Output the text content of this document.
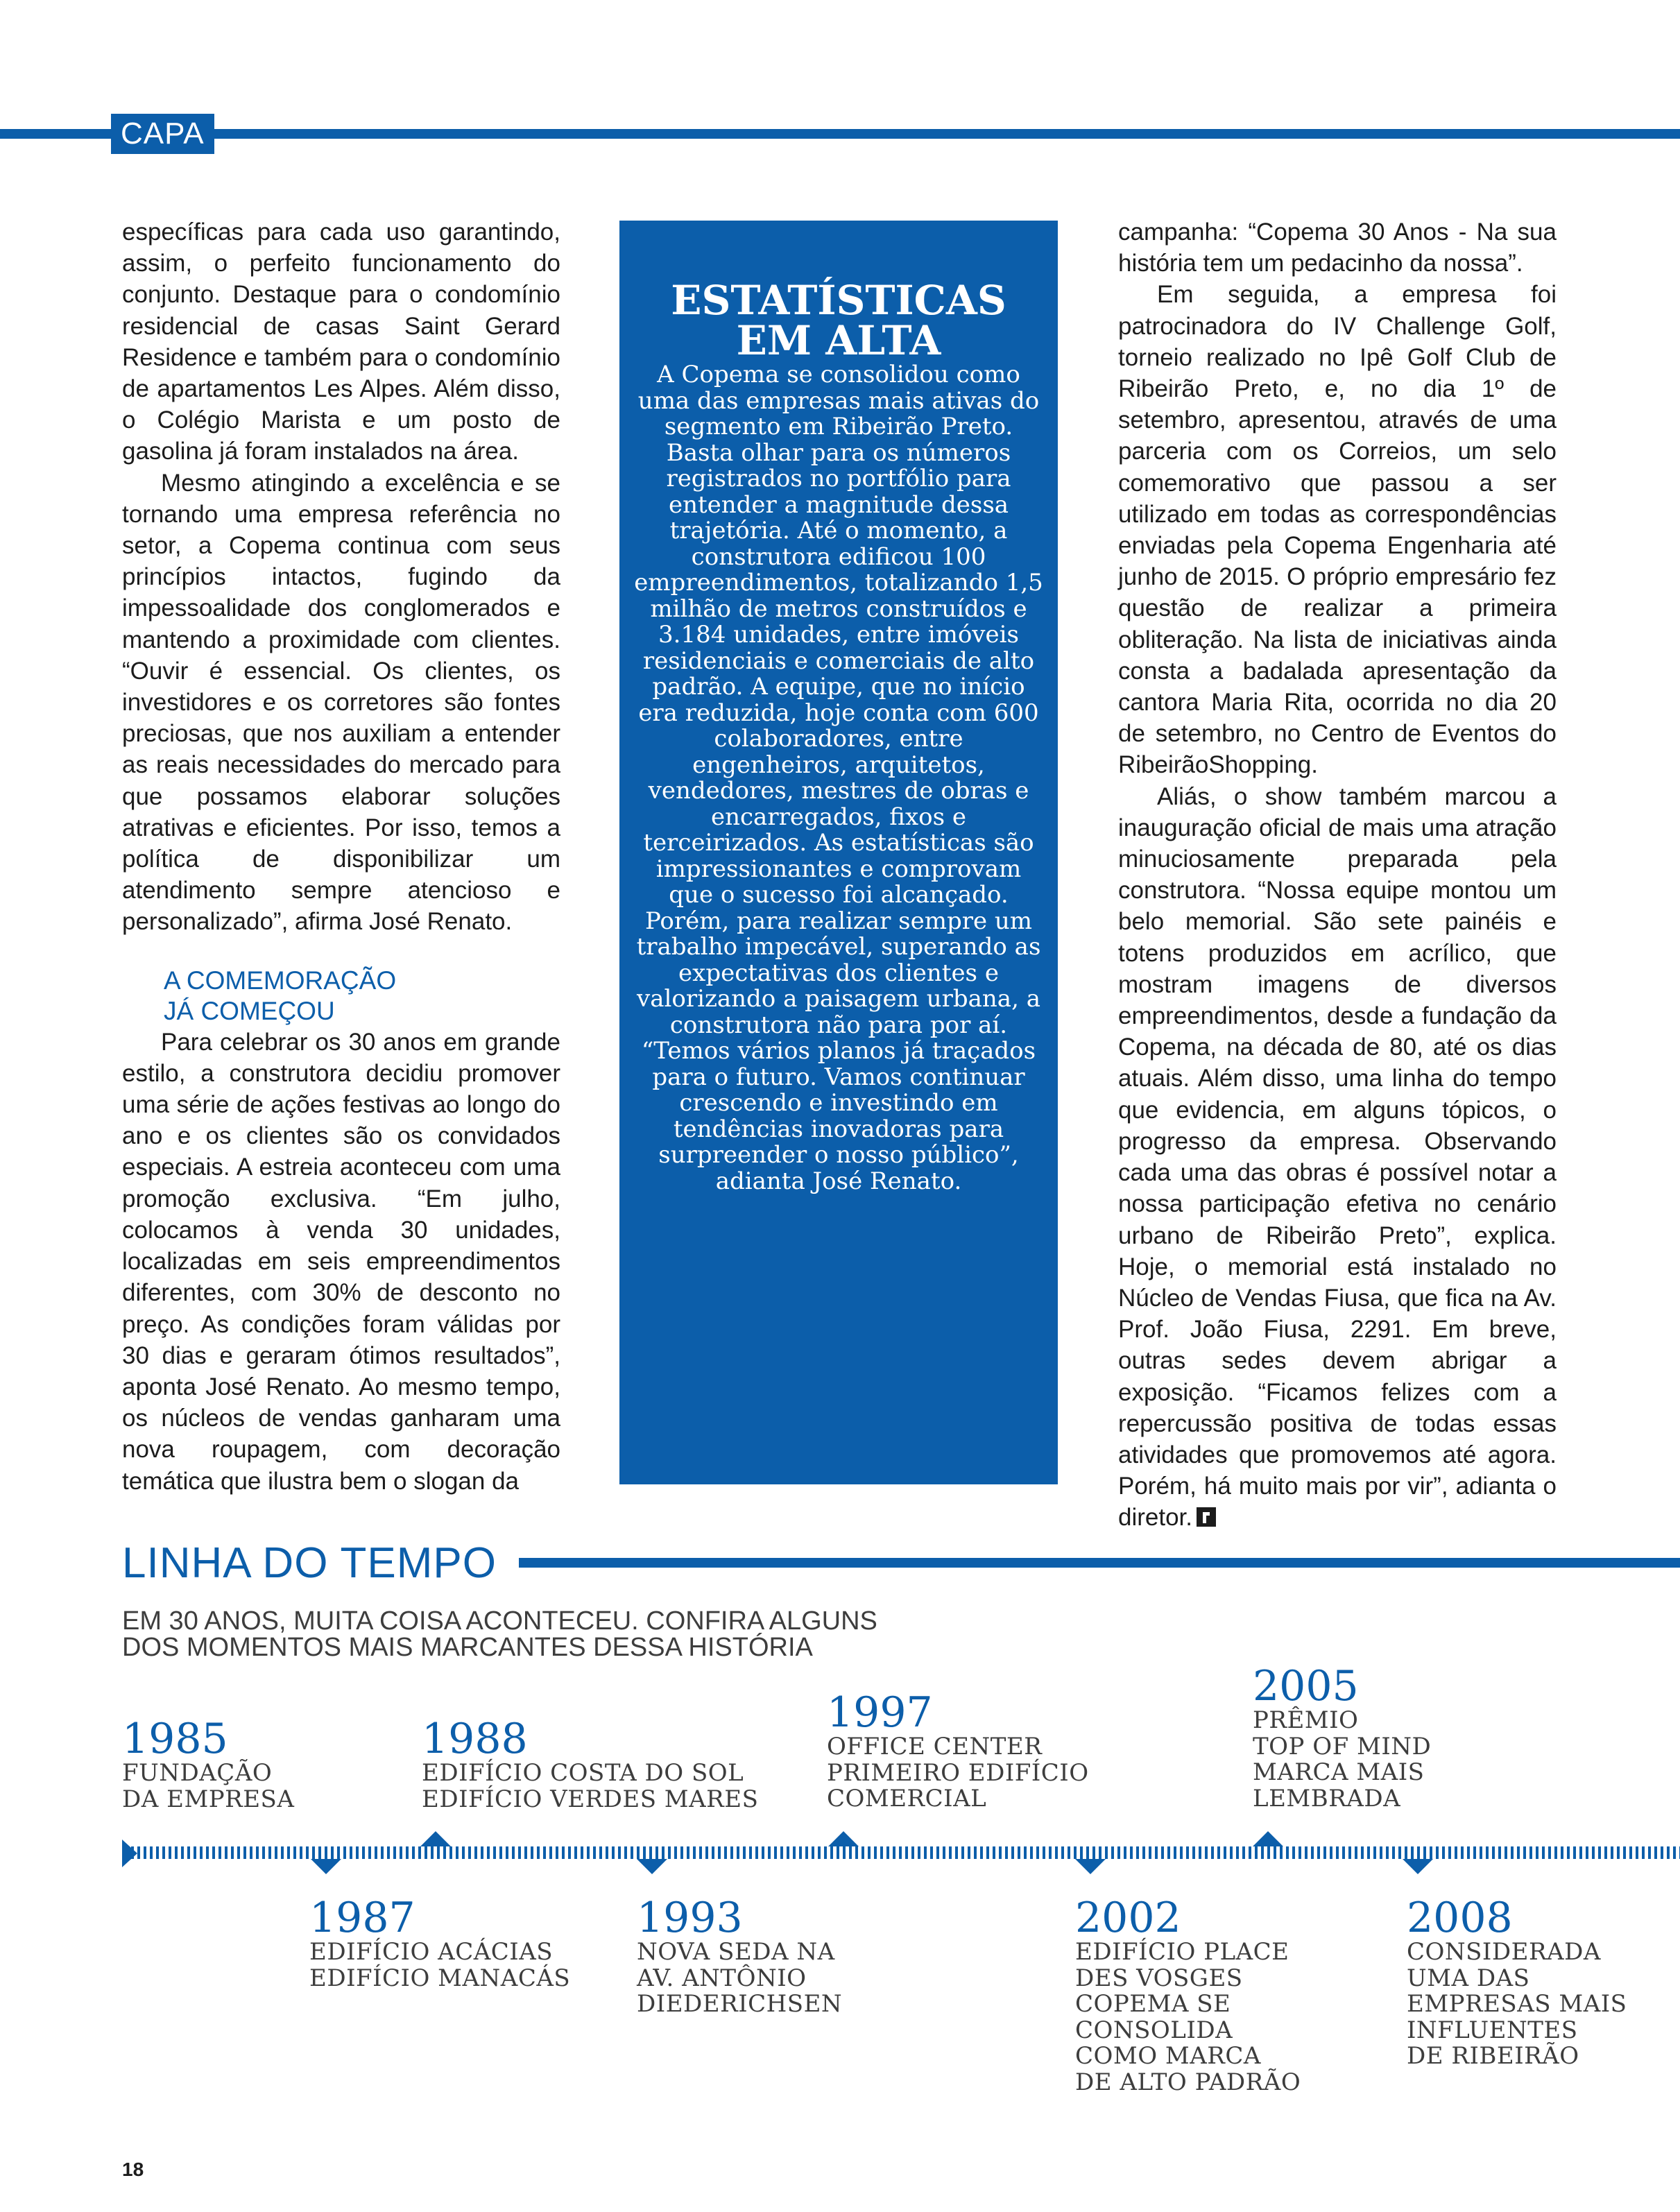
CAPA

específicas para cada uso garantindo, assim, o perfeito funcionamento do conjunto. Destaque para o condomínio residencial de casas Saint Gerard Residence e também para o condomínio de apartamentos Les Alpes. Além disso, o Colégio Marista e um posto de gasolina já foram instalados na área.

Mesmo atingindo a excelência e se tornando uma empresa referência no setor, a Copema continua com seus princípios intactos, fugindo da impessoalidade dos conglomerados e mantendo a proximidade com clientes. “Ouvir é essencial. Os clientes, os investidores e os corretores são fontes preciosas, que nos auxiliam a entender as reais necessidades do mercado para que possamos elaborar soluções atrativas e eficientes. Por isso, temos a política de disponibilizar um atendimento sempre atencioso e personalizado”, afirma José Renato.

A COMEMORAÇÃO
JÁ COMEÇOU

Para celebrar os 30 anos em grande estilo, a construtora decidiu promover uma série de ações festivas ao longo do ano e os clientes são os convidados especiais. A estreia aconteceu com uma promoção exclusiva. “Em julho, colocamos à venda 30 unidades, localizadas em seis empreendimentos diferentes, com 30% de desconto no preço. As condições foram válidas por 30 dias e geraram ótimos resultados”, aponta José Renato. Ao mesmo tempo, os núcleos de vendas ganharam uma nova roupagem, com decoração temática que ilustra bem o slogan da

ESTATÍSTICAS
EM ALTA
A Copema se consolidou como uma das empresas mais ativas do segmento em Ribeirão Preto. Basta olhar para os números registrados no portfólio para entender a magnitude dessa trajetória. Até o momento, a construtora edificou 100 empreendimentos, totalizando 1,5 milhão de metros construídos e 3.184 unidades, entre imóveis residenciais e comerciais de alto padrão. A equipe, que no início era reduzida, hoje conta com 600 colaboradores, entre engenheiros, arquitetos, vendedores, mestres de obras e encarregados, fixos e terceirizados. As estatísticas são impressionantes e comprovam que o sucesso foi alcançado. Porém, para realizar sempre um trabalho impecável, superando as expectativas dos clientes e valorizando a paisagem urbana, a construtora não para por aí. “Temos vários planos já traçados para o futuro. Vamos continuar crescendo e investindo em tendências inovadoras para surpreender o nosso público”, adianta José Renato.

campanha: “Copema 30 Anos - Na sua história tem um pedacinho da nossa”.

Em seguida, a empresa foi patrocinadora do IV Challenge Golf, torneio realizado no Ipê Golf Club de Ribeirão Preto, e, no dia 1º de setembro, apresentou, através de uma parceria com os Correios, um selo comemorativo que passou a ser utilizado em todas as correspondências enviadas pela Copema Engenharia até junho de 2015. O próprio empresário fez questão de realizar a primeira obliteração. Na lista de iniciativas ainda consta a badalada apresentação da cantora Maria Rita, ocorrida no dia 20 de setembro, no Centro de Eventos do RibeirãoShopping.

Aliás, o show também marcou a inauguração oficial de mais uma atração minuciosamente preparada pela construtora. “Nossa equipe montou um belo memorial. São sete painéis e totens produzidos em acrílico, que mostram imagens de diversos empreendimentos, desde a fundação da Copema, na década de 80, até os dias atuais. Além disso, uma linha do tempo que evidencia, em alguns tópicos, o progresso da empresa. Observando cada uma das obras é possível notar a nossa participação efetiva no cenário urbano de Ribeirão Preto”, explica. Hoje, o memorial está instalado no Núcleo de Vendas Fiusa, que fica na Av. Prof. João Fiusa, 2291. Em breve, outras sedes devem abrigar a exposição. “Ficamos felizes com a repercussão positiva de todas essas atividades que promovemos até agora. Porém, há muito mais por vir”, adianta o diretor.

LINHA DO TEMPO
EM 30 ANOS, MUITA COISA ACONTECEU. CONFIRA ALGUNS
DOS MOMENTOS MAIS MARCANTES DESSA HISTÓRIA
1985
FUNDAÇÃO
DA EMPRESA
1988
EDIFÍCIO COSTA DO SOL
EDIFÍCIO VERDES MARES
1997
OFFICE CENTER
PRIMEIRO EDIFÍCIO
COMERCIAL
2005
PRÊMIO
TOP OF MIND
MARCA MAIS
LEMBRADA
1987
EDIFÍCIO ACÁCIAS
EDIFÍCIO MANACÁS
1993
NOVA SEDA NA
AV. ANTÔNIO
DIEDERICHSEN
2002
EDIFÍCIO PLACE
DES VOSGES
COPEMA SE
CONSOLIDA
COMO MARCA
DE ALTO PADRÃO
2008
CONSIDERADA
UMA DAS
EMPRESAS MAIS
INFLUENTES
DE RIBEIRÃO
18
